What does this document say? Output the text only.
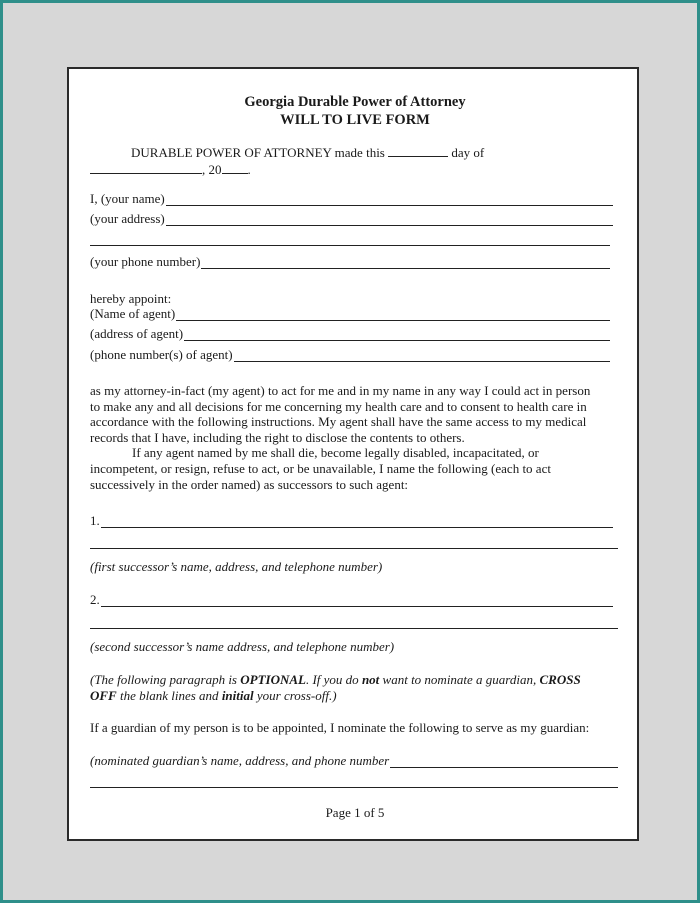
Georgia Durable Power of Attorney
WILL TO LIVE FORM
DURABLE POWER OF ATTORNEY made this	day of
, 20 .
I, (your name)
(your address)
(your phone number)
hereby appoint:
(Name of agent)
(address of agent)
(phone number(s) of agent)

as my attorney-in-fact (my agent) to act for me and in my name in any way I could act in person

to make any and all decisions for me concerning my health care and to consent to health care in

accordance with the following instructions. My agent shall have the same access to my medical

records that I have, including the right to disclose the contents to others.

If any agent named by me shall die, become legally disabled, incapacitated, or

incompetent, or resign, refuse to act, or be unavailable, I name the following (each to act

successively in the order named) as successors to such agent:

1.
(first successor’s name, address, and telephone number)
2.
(second successor’s name address, and telephone number)

(The following paragraph is OPTIONAL. If you do not want to nominate a guardian, CROSS

OFF the blank lines and initial your cross-off.)

If a guardian of my person is to be appointed, I nominate the following to serve as my guardian:
(nominated guardian’s name, address, and phone number
Page 1 of 5
